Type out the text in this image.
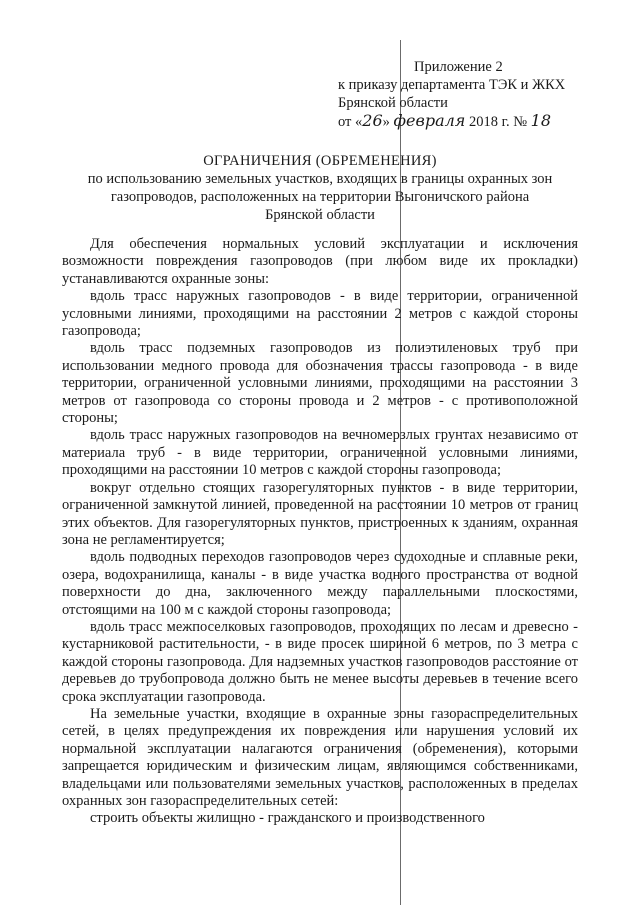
Приложение 2
к приказу департамента ТЭК и ЖКХ
Брянской области
от «26» февраля 2018 г. № 18
ОГРАНИЧЕНИЯ (ОБРЕМЕНЕНИЯ)
по использованию земельных участков, входящих в границы охранных зон
газопроводов, расположенных на территории Выгоничского района
Брянской области

Для обеспечения нормальных условий эксплуатации и исключения возможности повреждения газопроводов (при любом виде их прокладки) устанавливаются охранные зоны:

вдоль трасс наружных газопроводов - в виде территории, ограниченной условными линиями, проходящими на расстоянии 2 метров с каждой стороны газопровода;

вдоль трасс подземных газопроводов из полиэтиленовых труб при использовании медного провода для обозначения трассы газопровода - в виде территории, ограниченной условными линиями, проходящими на расстоянии 3 метров от газопровода со стороны провода и 2 метров - с противоположной стороны;

вдоль трасс наружных газопроводов на вечномерзлых грунтах независимо от материала труб - в виде территории, ограниченной условными линиями, проходящими на расстоянии 10 метров с каждой стороны газопровода;

вокруг отдельно стоящих газорегуляторных пунктов - в виде территории, ограниченной замкнутой линией, проведенной на расстоянии 10 метров от границ этих объектов. Для газорегуляторных пунктов, пристроенных к зданиям, охранная зона не регламентируется;

вдоль подводных переходов газопроводов через судоходные и сплавные реки, озера, водохранилища, каналы - в виде участка водного пространства от водной поверхности до дна, заключенного между параллельными плоскостями, отстоящими на 100 м с каждой стороны газопровода;

вдоль трасс межпоселковых газопроводов, проходящих по лесам и древесно - кустарниковой растительности, - в виде просек шириной 6 метров, по 3 метра с каждой стороны газопровода. Для надземных участков газопроводов расстояние от деревьев до трубопровода должно быть не менее высоты деревьев в течение всего срока эксплуатации газопровода.

На земельные участки, входящие в охранные зоны газораспределительных сетей, в целях предупреждения их повреждения или нарушения условий их нормальной эксплуатации налагаются ограничения (обременения), которыми запрещается юридическим и физическим лицам, являющимся собственниками, владельцами или пользователями земельных участков, расположенных в пределах охранных зон газораспределительных сетей:

строить объекты жилищно - гражданского и производственного
